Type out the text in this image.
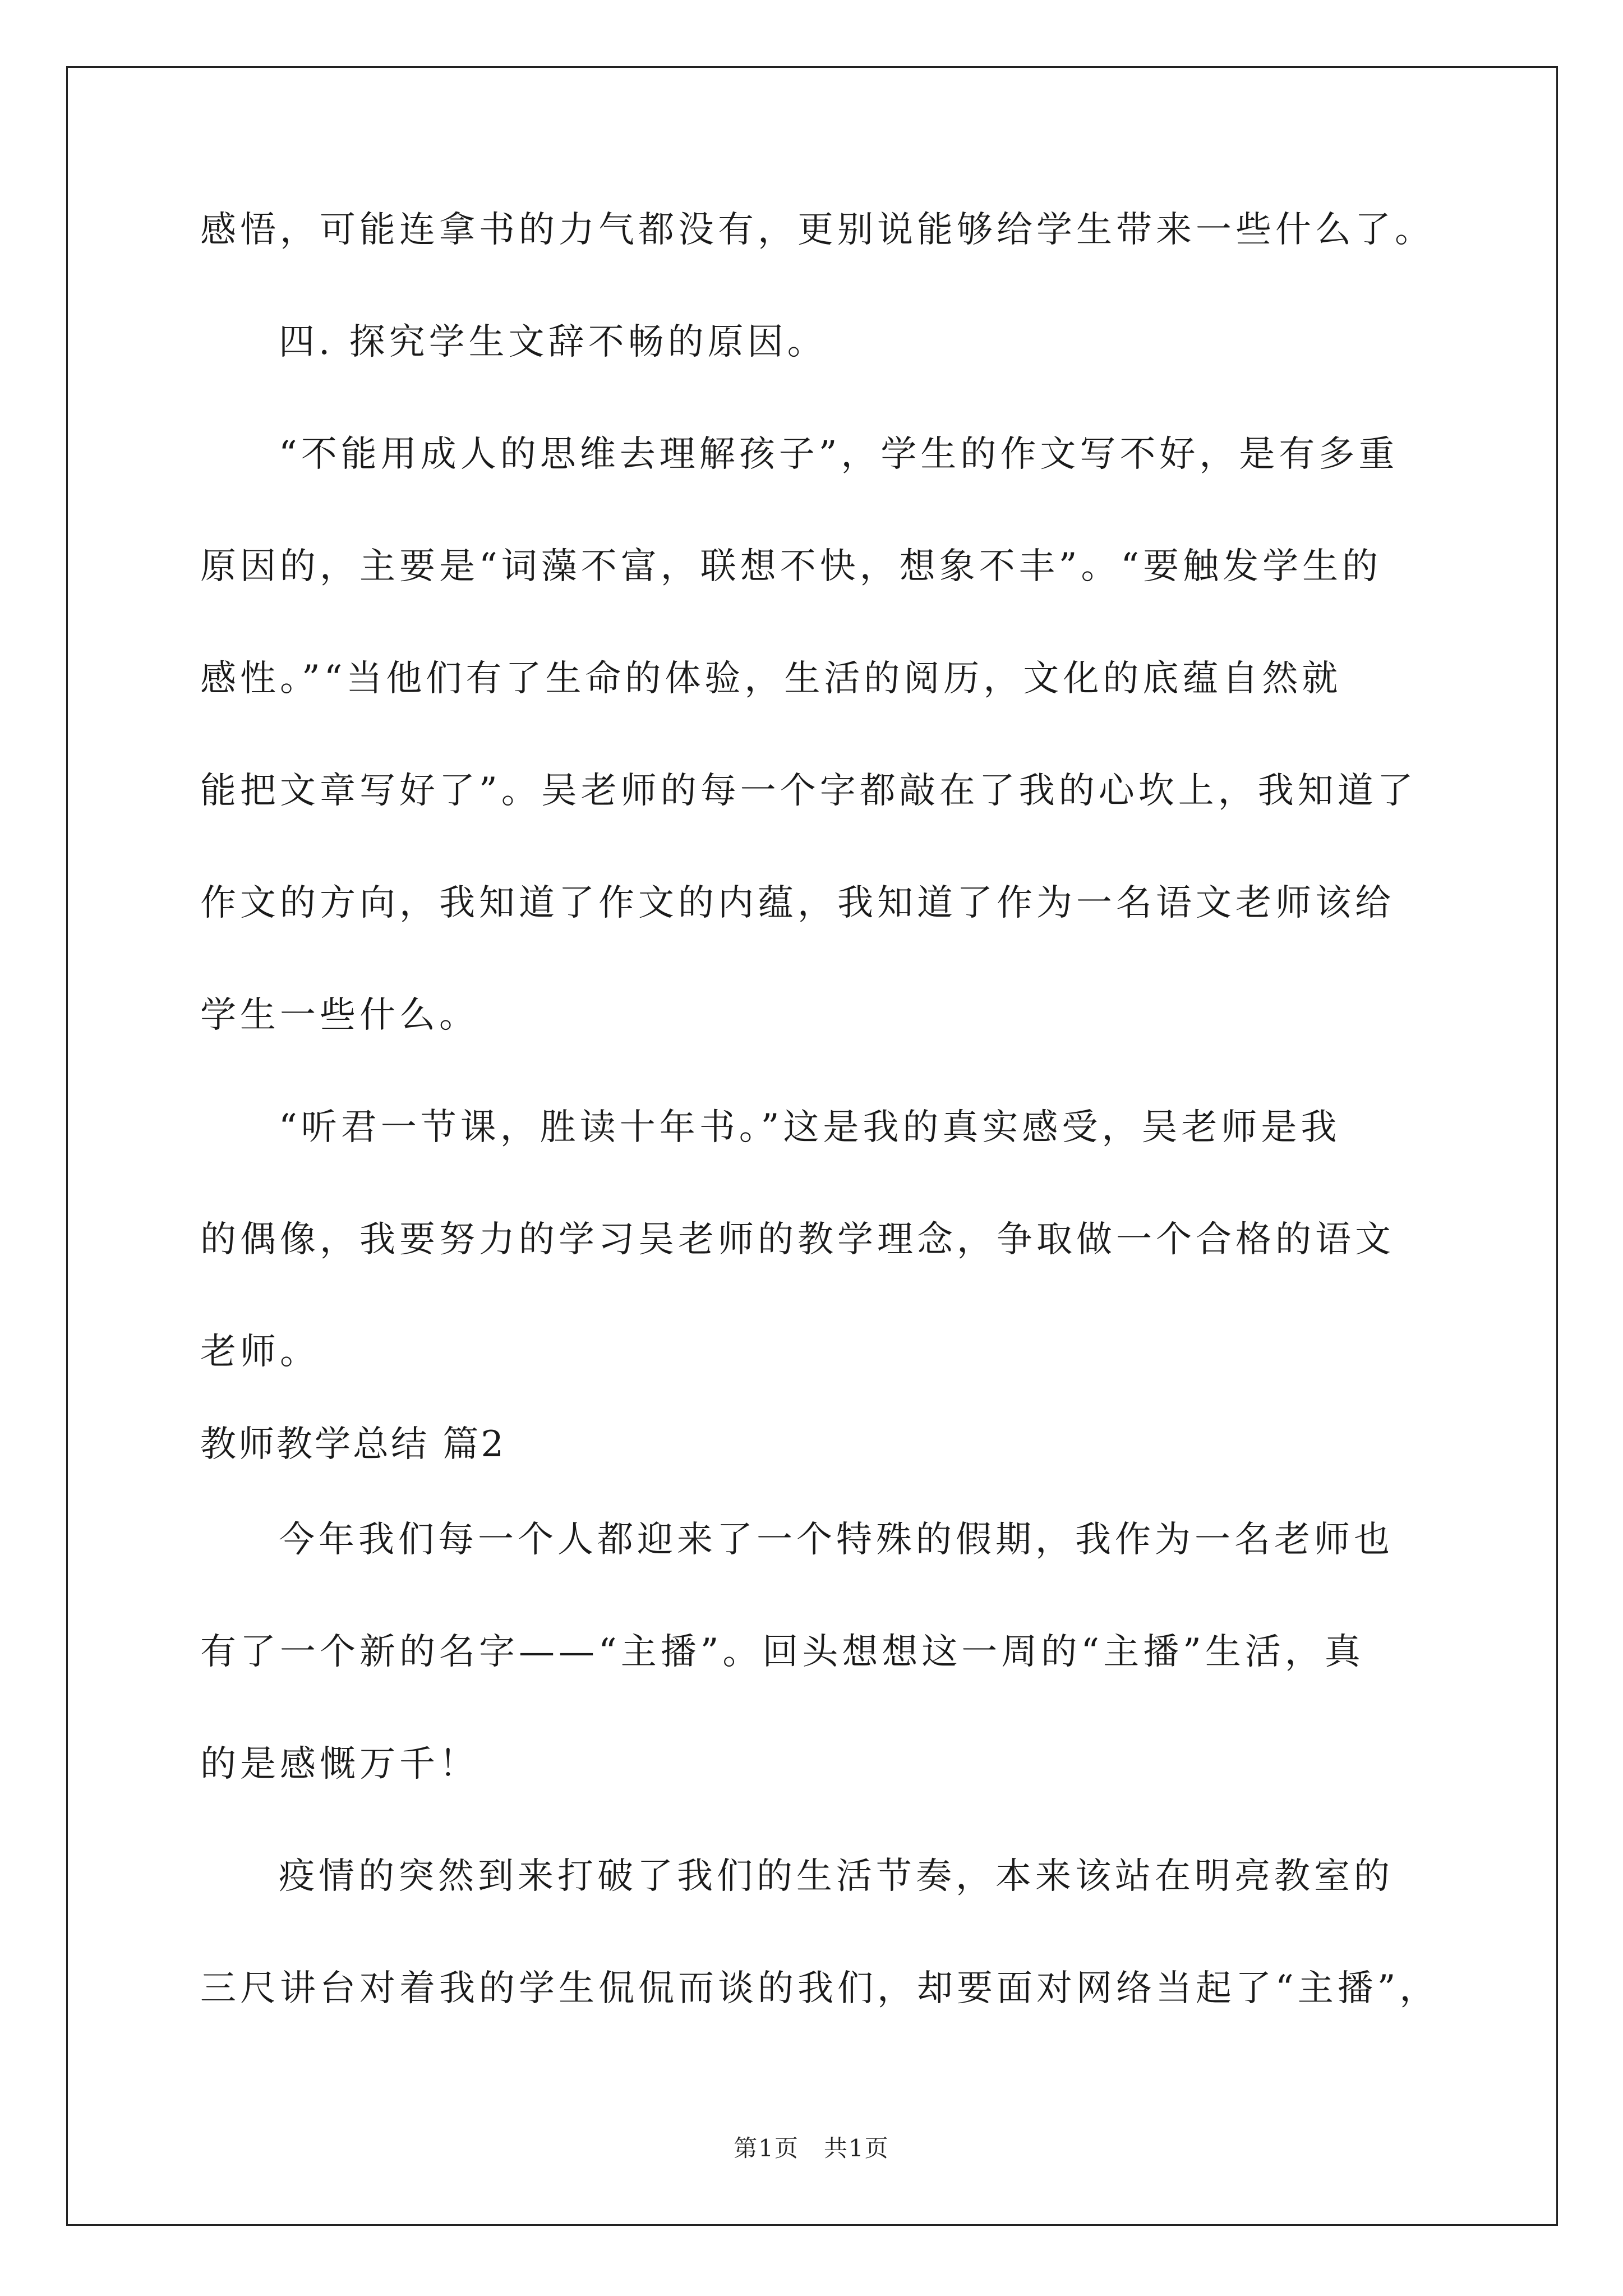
感悟，可能连拿书的力气都没有，更别说能够给学生带来一些什么了。
四. 探究学生文辞不畅的原因。
“不能用成人的思维去理解孩子”，学生的作文写不好，是有多重
原因的，主要是“词藻不富，联想不快，想象不丰”。“要触发学生的
感性。”“当他们有了生命的体验，生活的阅历，文化的底蕴自然就
能把文章写好了”。吴老师的每一个字都敲在了我的心坎上，我知道了
作文的方向，我知道了作文的内蕴，我知道了作为一名语文老师该给
学生一些什么。
“听君一节课，胜读十年书。”这是我的真实感受，吴老师是我
的偶像，我要努力的学习吴老师的教学理念，争取做一个合格的语文
老师。
教师教学总结 篇2
今年我们每一个人都迎来了一个特殊的假期，我作为一名老师也
有了一个新的名字——“主播”。回头想想这一周的“主播”生活，真
的是感慨万千！
疫情的突然到来打破了我们的生活节奏，本来该站在明亮教室的
三尺讲台对着我的学生侃侃而谈的我们，却要面对网络当起了“主播”，
第1页　共1页
